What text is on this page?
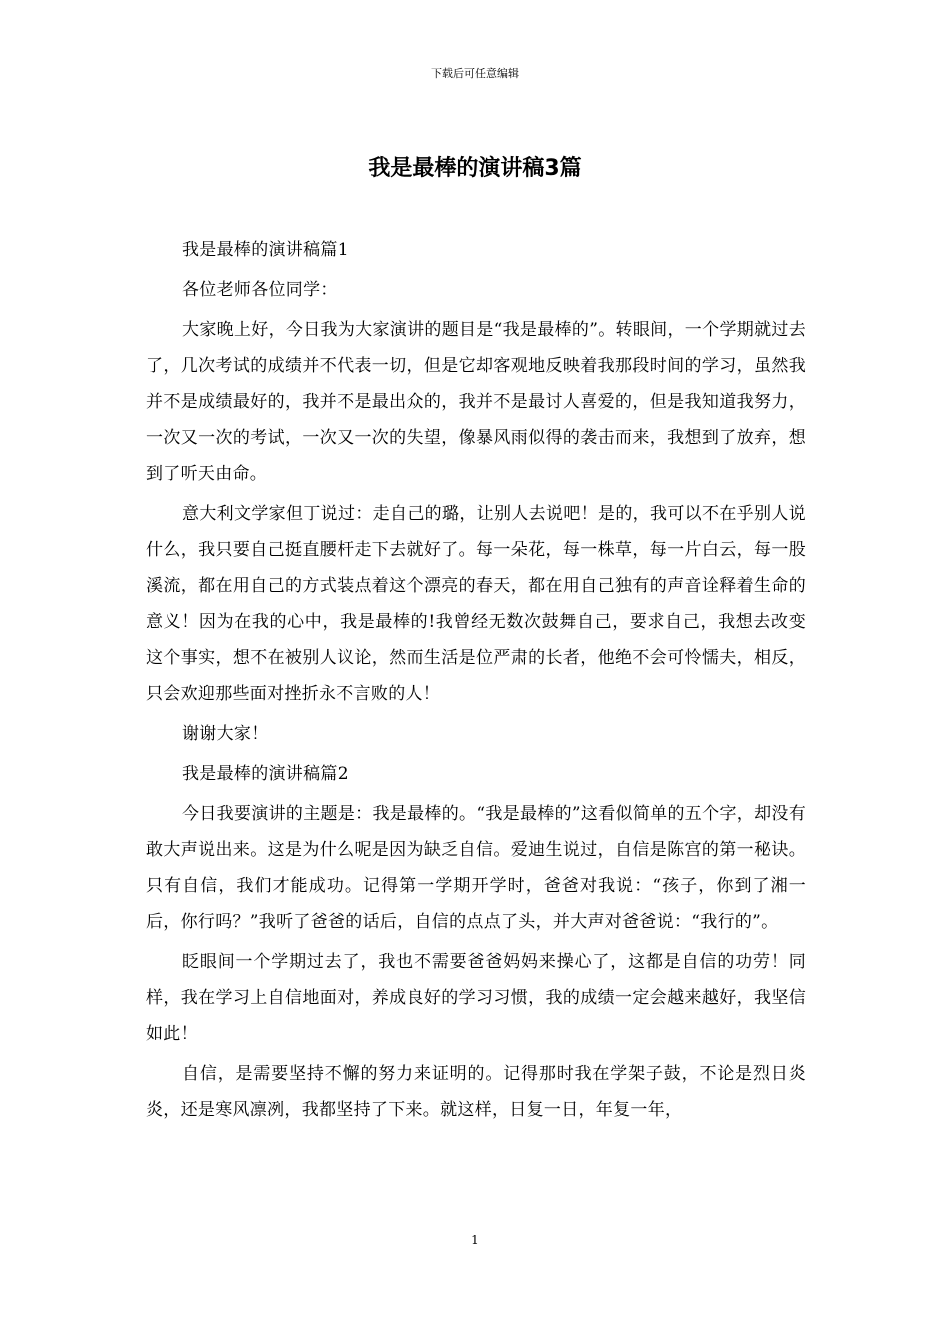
下载后可任意编辑
我是最棒的演讲稿3篇

我是最棒的演讲稿篇1

各位老师各位同学：

大家晚上好，今日我为大家演讲的题目是“我是最棒的”。转眼间，一个学期就过去了，几次考试的成绩并不代表一切，但是它却客观地反映着我那段时间的学习，虽然我并不是成绩最好的，我并不是最出众的，我并不是最讨人喜爱的，但是我知道我努力，一次又一次的考试，一次又一次的失望，像暴风雨似得的袭击而来，我想到了放弃，想到了听天由命。

意大利文学家但丁说过：走自己的璐，让别人去说吧！是的，我可以不在乎别人说什么，我只要自己挺直腰杆走下去就好了。每一朵花，每一株草，每一片白云，每一股溪流，都在用自己的方式装点着这个漂亮的春天，都在用自己独有的声音诠释着生命的意义！因为在我的心中，我是最棒的!我曾经无数次鼓舞自己，要求自己，我想去改变这个事实，想不在被别人议论，然而生活是位严肃的长者，他绝不会可怜懦夫，相反，只会欢迎那些面对挫折永不言败的人！

谢谢大家！

我是最棒的演讲稿篇2

今日我要演讲的主题是：我是最棒的。“我是最棒的”这看似简单的五个字，却没有敢大声说出来。这是为什么呢是因为缺乏自信。爱迪生说过，自信是陈宫的第一秘诀。只有自信，我们才能成功。记得第一学期开学时，爸爸对我说：“孩子，你到了湘一后，你行吗？”我听了爸爸的话后，自信的点点了头，并大声对爸爸说：“我行的”。

眨眼间一个学期过去了，我也不需要爸爸妈妈来操心了，这都是自信的功劳！同样，我在学习上自信地面对，养成良好的学习习惯，我的成绩一定会越来越好，我坚信如此！

自信，是需要坚持不懈的努力来证明的。记得那时我在学架子鼓，不论是烈日炎炎，还是寒风凛冽，我都坚持了下来。就这样，日复一日，年复一年，

1
